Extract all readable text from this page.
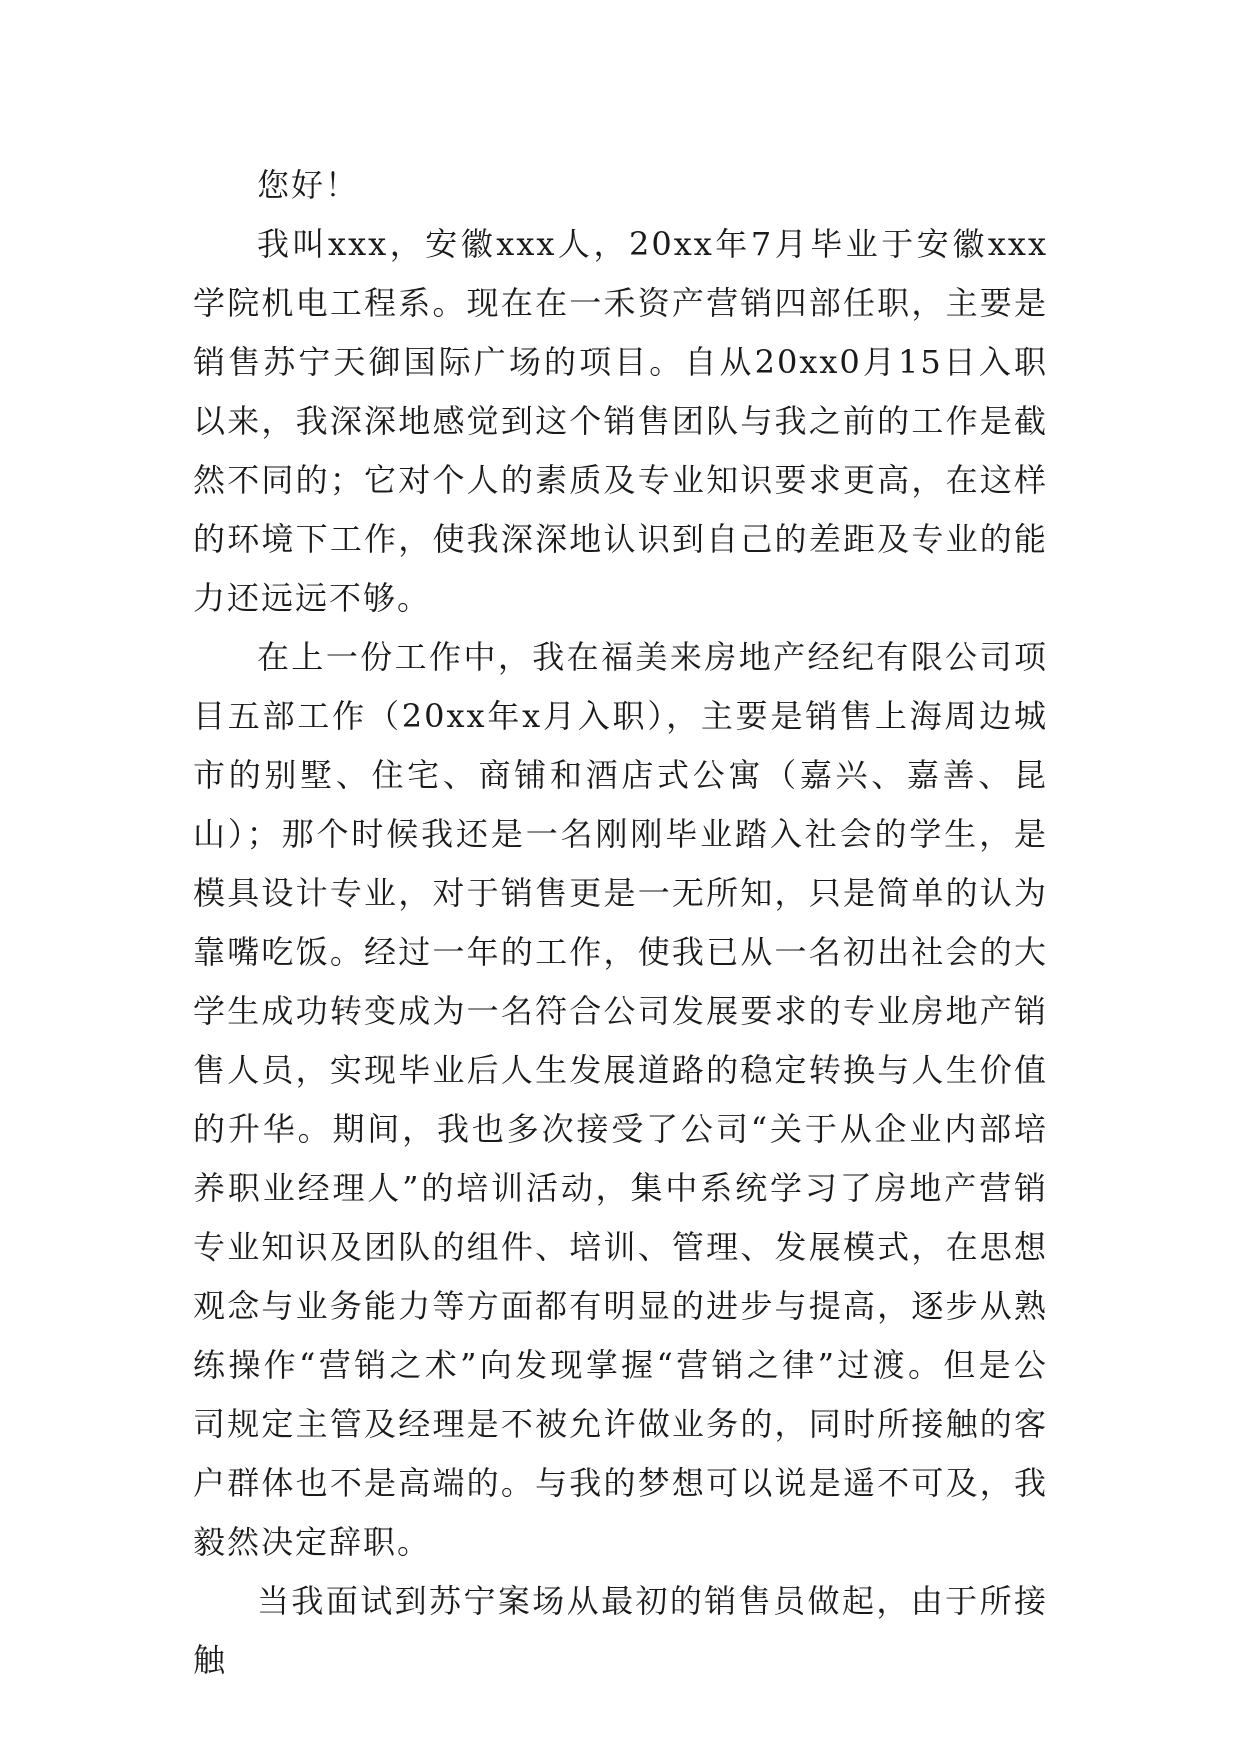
您好！

我叫xxx，安徽xxx人，20xx年7月毕业于安徽xxx学院机电工程系。现在在一禾资产营销四部任职，主要是销售苏宁天御国际广场的项目。自从20xx0月15日入职以来，我深深地感觉到这个销售团队与我之前的工作是截然不同的；它对个人的素质及专业知识要求更高，在这样的环境下工作，使我深深地认识到自己的差距及专业的能力还远远不够。

在上一份工作中，我在福美来房地产经纪有限公司项目五部工作（20xx年x月入职），主要是销售上海周边城市的别墅、住宅、商铺和酒店式公寓（嘉兴、嘉善、昆山）；那个时候我还是一名刚刚毕业踏入社会的学生，是模具设计专业，对于销售更是一无所知，只是简单的认为靠嘴吃饭。经过一年的工作，使我已从一名初出社会的大学生成功转变成为一名符合公司发展要求的专业房地产销售人员，实现毕业后人生发展道路的稳定转换与人生价值的升华。期间，我也多次接受了公司“关于从企业内部培养职业经理人”的培训活动，集中系统学习了房地产营销专业知识及团队的组件、培训、管理、发展模式，在思想观念与业务能力等方面都有明显的进步与提高，逐步从熟练操作“营销之术”向发现掌握“营销之律”过渡。但是公司规定主管及经理是不被允许做业务的，同时所接触的客户群体也不是高端的。与我的梦想可以说是遥不可及，我毅然决定辞职。

当我面试到苏宁案场从最初的销售员做起，由于所接触
